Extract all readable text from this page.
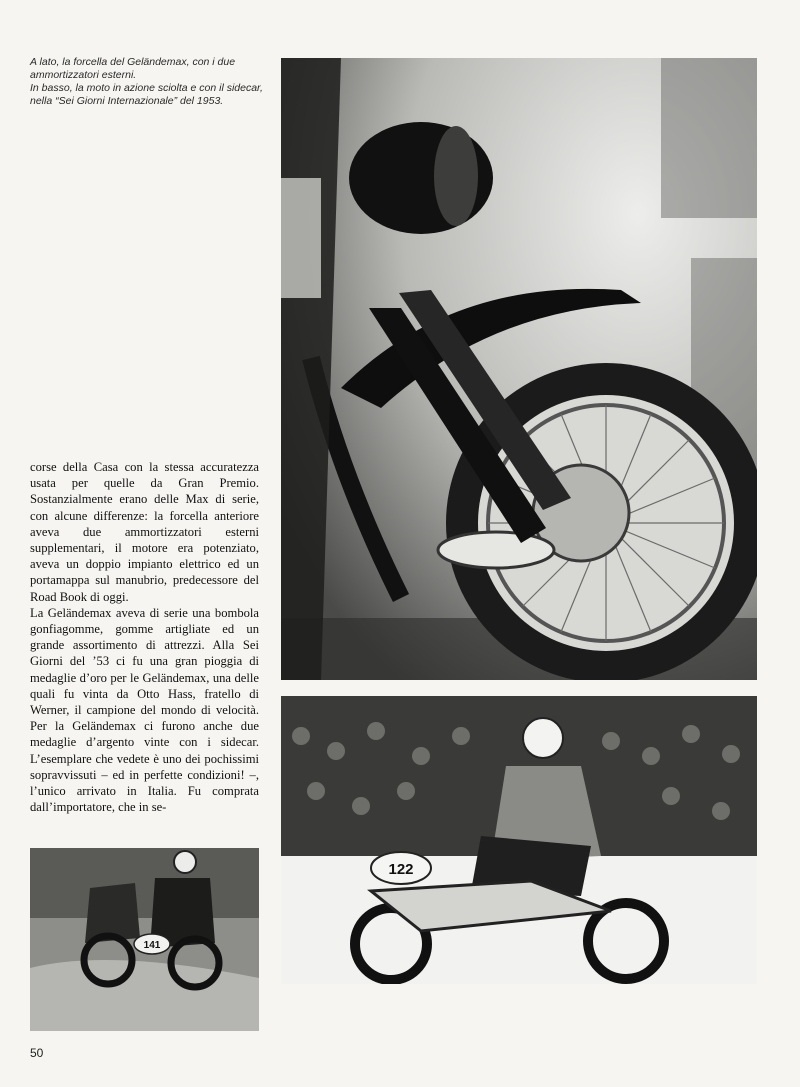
A lato, la forcella del Geländemax, con i due ammortizzatori esterni.

In basso, la moto in azione sciolta e con il sidecar, nella “Sei Giorni Internazionale” del 1953.

corse della Casa con la stessa accuratezza usata per quelle da Gran Premio. Sostanzialmente erano delle Max di serie, con alcune differenze: la forcella anteriore aveva due ammortizzatori esterni supplementari, il motore era potenziato, aveva un doppio impianto elettrico ed un portamappa sul manubrio, predecessore del Road Book di oggi.

La Geländemax aveva di serie una bombola gonfiagomme, gomme artigliate ed un grande assortimento di attrezzi. Alla Sei Giorni del ’53 ci fu una gran pioggia di medaglie d’oro per le Geländemax, una delle quali fu vinta da Otto Hass, fratello di Werner, il campione del mondo di velocità. Per la Geländemax ci furono anche due medaglie d’argento vinte con i sidecar. L’esemplare che vedete è uno dei pochissimi sopravvissuti – ed in perfette condizioni! –, l’unico arrivato in Italia. Fu comprata dall’importatore, che in se-

122
141
50
